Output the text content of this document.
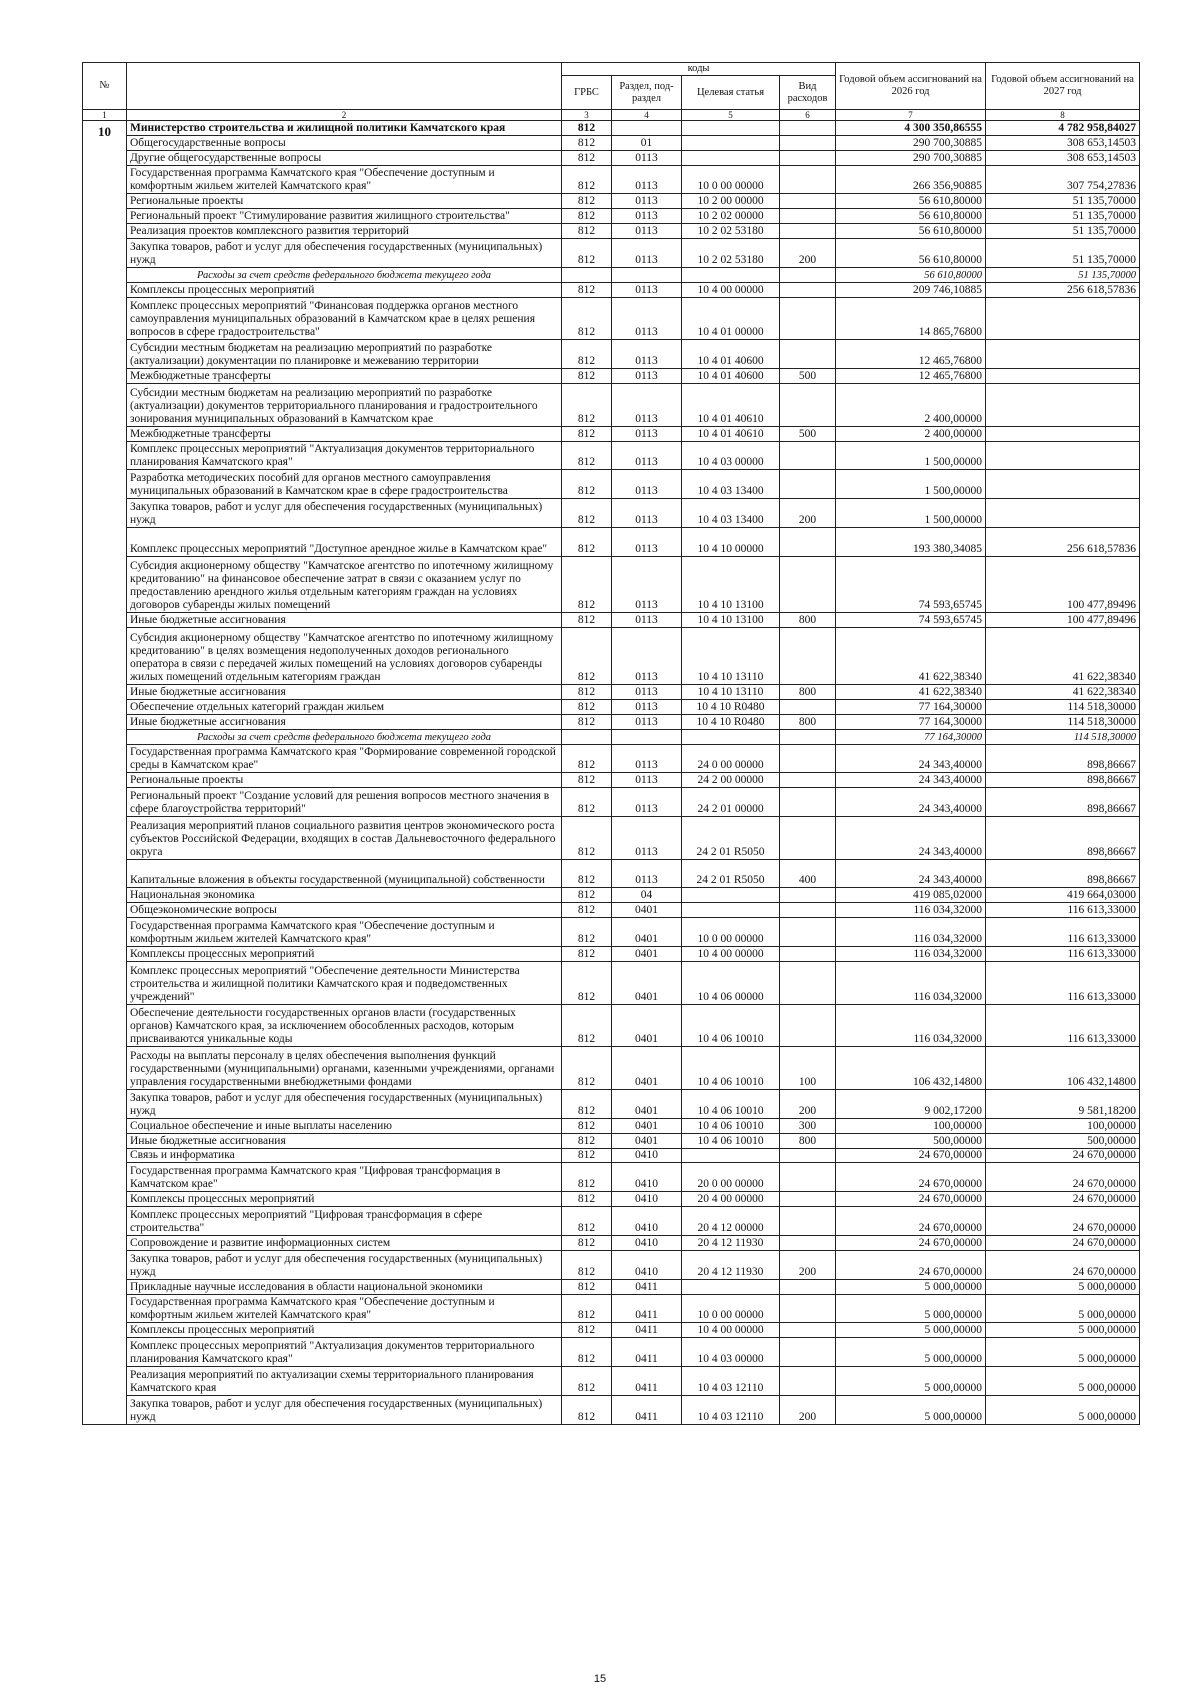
№		коды				Годовой объем ассигнований на 2026 год	Годовой объем ассигнований на 2027 год
		ГРБС	Раздел, под-раздел	Целевая статья	Вид расходов		
1	2	3	4	5	6	7	8
10	Министерство строительства и жилищной политики Камчатского края	812				4 300 350,86555	4 782 958,84027
	Общегосударственные вопросы	812	01			290 700,30885	308 653,14503
	Другие общегосударственные вопросы	812	0113			290 700,30885	308 653,14503
	Государственная программа Камчатского края "Обеспечение доступным и комфортным жильем жителей Камчатского края"	812	0113	10 0 00 00000		266 356,90885	307 754,27836
	Региональные проекты	812	0113	10 2 00 00000		56 610,80000	51 135,70000
	Региональный проект "Стимулирование развития жилищного строительства"	812	0113	10 2 02 00000		56 610,80000	51 135,70000
	Реализация проектов комплексного развития территорий	812	0113	10 2 02 53180		56 610,80000	51 135,70000
	Закупка товаров, работ и услуг для обеспечения государственных (муниципальных) нужд	812	0113	10 2 02 53180	200	56 610,80000	51 135,70000
	Расходы за счет средств федерального бюджета текущего года					56 610,80000	51 135,70000
	Комплексы процессных мероприятий	812	0113	10 4 00 00000		209 746,10885	256 618,57836
	Комплекс процессных мероприятий "Финансовая поддержка органов местного самоуправления муниципальных образований в Камчатском крае в целях решения вопросов в сфере градостроительства"	812	0113	10 4 01 00000		14 865,76800	
	Субсидии местным бюджетам на реализацию мероприятий по разработке (актуализации) документации по планировке и межеванию территории	812	0113	10 4 01 40600		12 465,76800	
	Межбюджетные трансферты	812	0113	10 4 01 40600	500	12 465,76800	
	Субсидии местным бюджетам на реализацию мероприятий по разработке (актуализации) документов территориального планирования и градостроительного зонирования муниципальных образований в Камчатском крае	812	0113	10 4 01 40610		2 400,00000	
	Межбюджетные трансферты	812	0113	10 4 01 40610	500	2 400,00000	
	Комплекс процессных мероприятий "Актуализация документов территориального планирования Камчатского края"	812	0113	10 4 03 00000		1 500,00000	
	Разработка методических пособий для органов местного самоуправления муниципальных образований в Камчатском крае в сфере градостроительства	812	0113	10 4 03 13400		1 500,00000	
	Закупка товаров, работ и услуг для обеспечения государственных (муниципальных) нужд	812	0113	10 4 03 13400	200	1 500,00000	
	Комплекс процессных мероприятий "Доступное арендное жилье в Камчатском крае"	812	0113	10 4 10 00000		193 380,34085	256 618,57836
	Субсидия акционерному обществу "Камчатское агентство по ипотечному жилищному кредитованию" на финансовое обеспечение затрат в связи с оказанием услуг по предоставлению арендного жилья отдельным категориям граждан на условиях договоров субаренды жилых помещений	812	0113	10 4 10 13100		74 593,65745	100 477,89496
	Иные бюджетные ассигнования	812	0113	10 4 10 13100	800	74 593,65745	100 477,89496
	Субсидия акционерному обществу "Камчатское агентство по ипотечному жилищному кредитованию" в целях возмещения недополученных доходов регионального оператора в связи с передачей жилых помещений на условиях договоров субаренды жилых помещений отдельным категориям граждан	812	0113	10 4 10 13110		41 622,38340	41 622,38340
	Иные бюджетные ассигнования	812	0113	10 4 10 13110	800	41 622,38340	41 622,38340
	Обеспечение отдельных категорий граждан жильем	812	0113	10 4 10 R0480		77 164,30000	114 518,30000
	Иные бюджетные ассигнования	812	0113	10 4 10 R0480	800	77 164,30000	114 518,30000
	Расходы за счет средств федерального бюджета текущего года					77 164,30000	114 518,30000
	Государственная программа Камчатского края "Формирование современной городской среды в Камчатском крае"	812	0113	24 0 00 00000		24 343,40000	898,86667
	Региональные проекты	812	0113	24 2 00 00000		24 343,40000	898,86667
	Региональный проект "Создание условий для решения вопросов местного значения в сфере благоустройства территорий"	812	0113	24 2 01 00000		24 343,40000	898,86667
	Реализация мероприятий планов социального развития центров экономического роста субъектов Российской Федерации, входящих в состав Дальневосточного федерального округа	812	0113	24 2 01 R5050		24 343,40000	898,86667
	Капитальные вложения в объекты государственной (муниципальной) собственности	812	0113	24 2 01 R5050	400	24 343,40000	898,86667
	Национальная экономика	812	04			419 085,02000	419 664,03000
	Общеэкономические вопросы	812	0401			116 034,32000	116 613,33000
	Государственная программа Камчатского края "Обеспечение доступным и комфортным жильем жителей Камчатского края"	812	0401	10 0 00 00000		116 034,32000	116 613,33000
	Комплексы процессных мероприятий	812	0401	10 4 00 00000		116 034,32000	116 613,33000
	Комплекс процессных мероприятий "Обеспечение деятельности Министерства строительства и жилищной политики Камчатского края и подведомственных учреждений"	812	0401	10 4 06 00000		116 034,32000	116 613,33000
	Обеспечение деятельности государственных органов власти (государственных органов) Камчатского края, за исключением обособленных расходов, которым присваиваются уникальные коды	812	0401	10 4 06 10010		116 034,32000	116 613,33000
	Расходы на выплаты персоналу в целях обеспечения выполнения функций государственными (муниципальными) органами, казенными учреждениями, органами управления государственными внебюджетными фондами	812	0401	10 4 06 10010	100	106 432,14800	106 432,14800
	Закупка товаров, работ и услуг для обеспечения государственных (муниципальных) нужд	812	0401	10 4 06 10010	200	9 002,17200	9 581,18200
	Социальное обеспечение и иные выплаты населению	812	0401	10 4 06 10010	300	100,00000	100,00000
	Иные бюджетные ассигнования	812	0401	10 4 06 10010	800	500,00000	500,00000
	Связь и информатика	812	0410			24 670,00000	24 670,00000
	Государственная программа Камчатского края "Цифровая трансформация в Камчатском крае"	812	0410	20 0 00 00000		24 670,00000	24 670,00000
	Комплексы процессных мероприятий	812	0410	20 4 00 00000		24 670,00000	24 670,00000
	Комплекс процессных мероприятий "Цифровая трансформация в сфере строительства"	812	0410	20 4 12 00000		24 670,00000	24 670,00000
	Сопровождение и развитие информационных систем	812	0410	20 4 12 11930		24 670,00000	24 670,00000
	Закупка товаров, работ и услуг для обеспечения государственных (муниципальных) нужд	812	0410	20 4 12 11930	200	24 670,00000	24 670,00000
	Прикладные научные исследования в области национальной экономики	812	0411			5 000,00000	5 000,00000
	Государственная программа Камчатского края "Обеспечение доступным и комфортным жильем жителей Камчатского края"	812	0411	10 0 00 00000		5 000,00000	5 000,00000
	Комплексы процессных мероприятий	812	0411	10 4 00 00000		5 000,00000	5 000,00000
	Комплекс процессных мероприятий "Актуализация документов территориального планирования Камчатского края"	812	0411	10 4 03 00000		5 000,00000	5 000,00000
	Реализация мероприятий по актуализации схемы территориального планирования Камчатского края	812	0411	10 4 03 12110		5 000,00000	5 000,00000
	Закупка товаров, работ и услуг для обеспечения государственных (муниципальных) нужд	812	0411	10 4 03 12110	200	5 000,00000	5 000,00000
15
